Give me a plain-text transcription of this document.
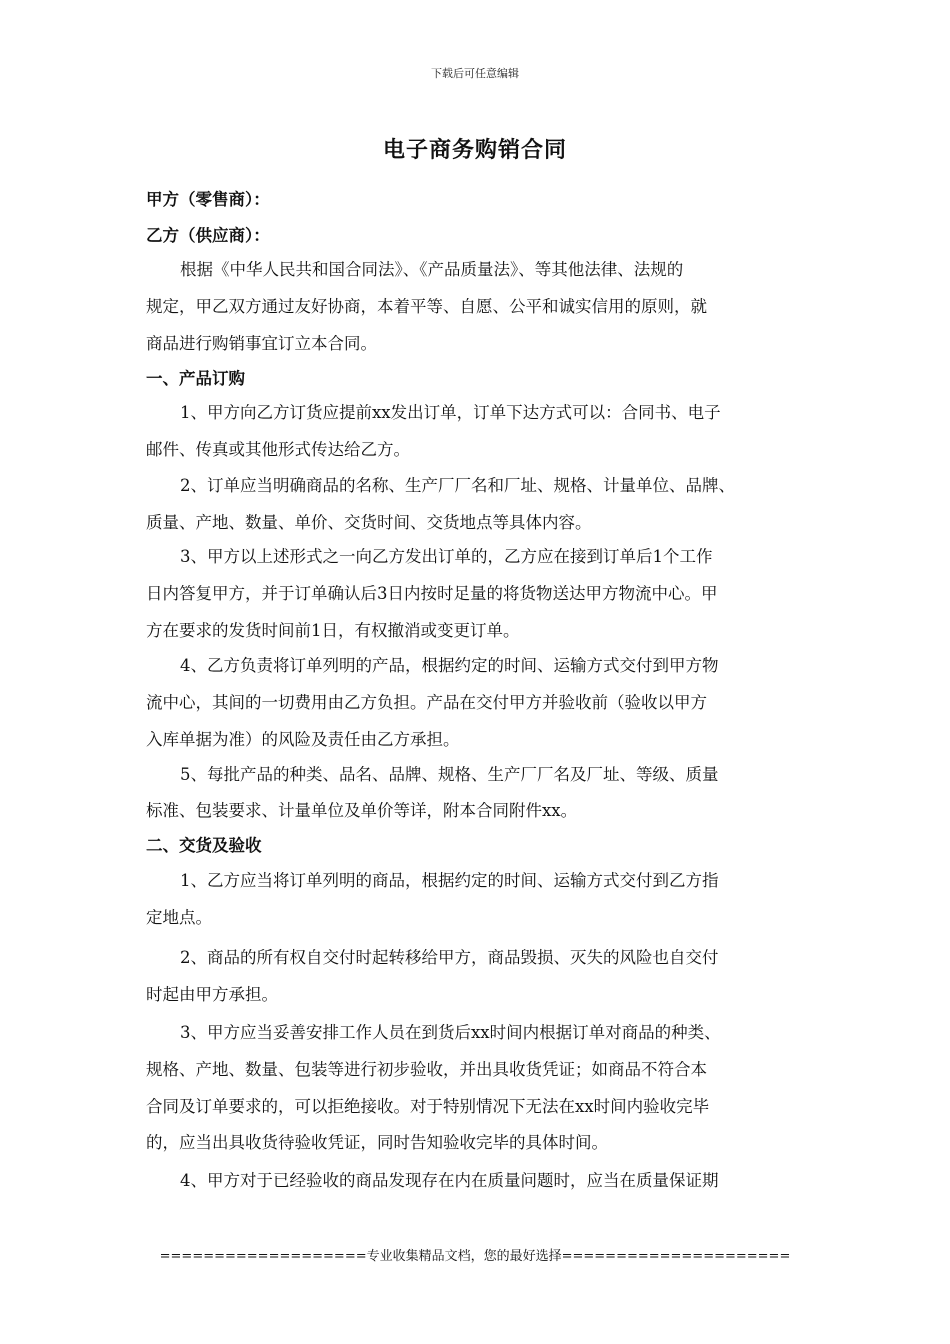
下载后可任意编辑
电子商务购销合同
甲方（零售商）：
乙方（供应商）：
根据《中华人民共和国合同法》、《产品质量法》、等其他法律、法规的
规定，甲乙双方通过友好协商，本着平等、自愿、公平和诚实信用的原则，就
商品进行购销事宜订立本合同。
一、产品订购
1、甲方向乙方订货应提前xx发出订单，订单下达方式可以：合同书、电子
邮件、传真或其他形式传达给乙方。
2、订单应当明确商品的名称、生产厂厂名和厂址、规格、计量单位、品牌、
质量、产地、数量、单价、交货时间、交货地点等具体内容。
3、甲方以上述形式之一向乙方发出订单的，乙方应在接到订单后1个工作
日内答复甲方，并于订单确认后3日内按时足量的将货物送达甲方物流中心。甲
方在要求的发货时间前1日，有权撤消或变更订单。
4、乙方负责将订单列明的产品，根据约定的时间、运输方式交付到甲方物
流中心，其间的一切费用由乙方负担。产品在交付甲方并验收前（验收以甲方
入库单据为准）的风险及责任由乙方承担。
5、每批产品的种类、品名、品牌、规格、生产厂厂名及厂址、等级、质量
标准、包装要求、计量单位及单价等详，附本合同附件xx。
二、交货及验收
1、乙方应当将订单列明的商品，根据约定的时间、运输方式交付到乙方指
定地点。
2、商品的所有权自交付时起转移给甲方，商品毁损、灭失的风险也自交付
时起由甲方承担。
3、甲方应当妥善安排工作人员在到货后xx时间内根据订单对商品的种类、
规格、产地、数量、包装等进行初步验收，并出具收货凭证；如商品不符合本
合同及订单要求的，可以拒绝接收。对于特别情况下无法在xx时间内验收完毕
的，应当出具收货待验收凭证，同时告知验收完毕的具体时间。
4、甲方对于已经验收的商品发现存在内在质量问题时，应当在质量保证期
===================专业收集精品文档，您的最好选择=====================
